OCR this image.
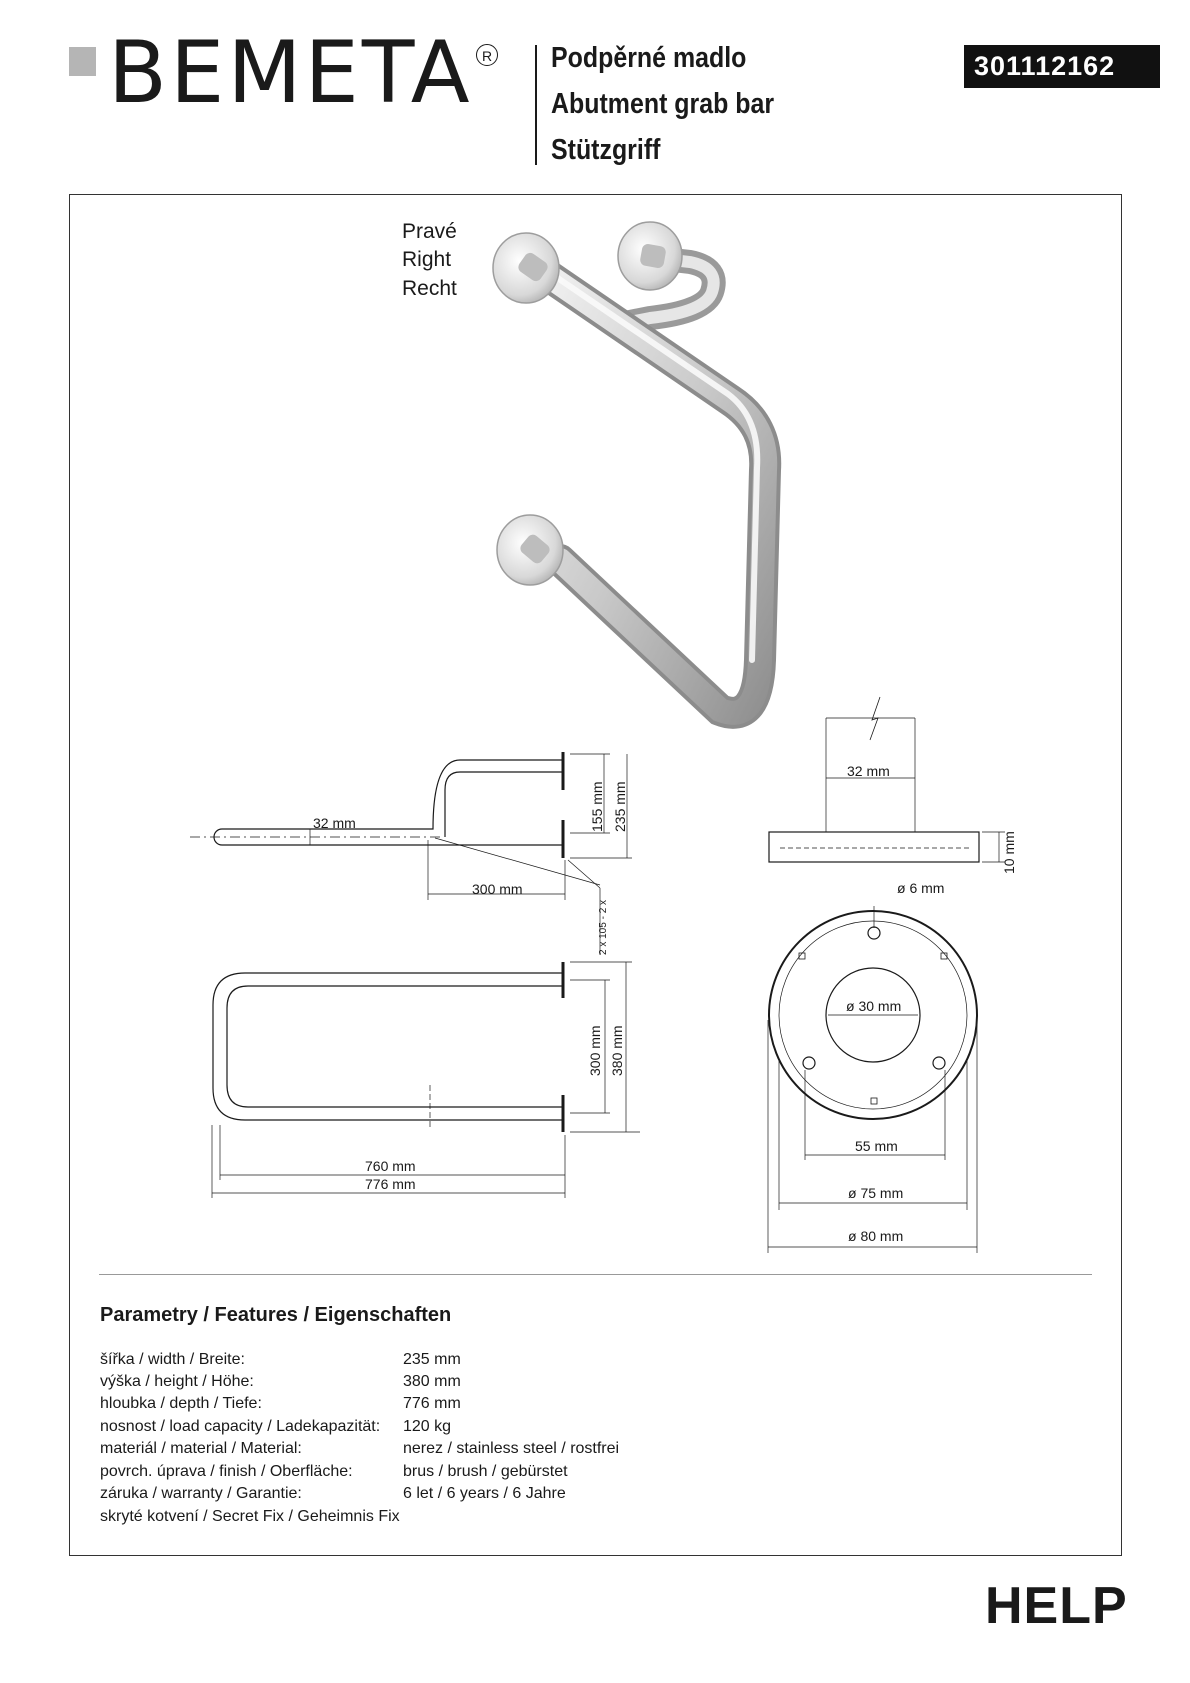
BEMETA R Podpěrné madlo
Abutment grab bar
Stützgriff
301112162
Pravé
Right
Recht
32 mm
300 mm
155 mm 235 mm
2 x 105 - 2 x
32 mm
10 mm
ø 6 mm
ø 30 mm
55 mm
ø 75 mm
ø 80 mm
300 mm 380 mm
760 mm
776 mm
Parametry / Features / Eigenschaften
šířka / width / Breite:	235 mm
výška / height / Höhe:	380 mm
hloubka / depth / Tiefe:	776 mm
nosnost / load capacity / Ladekapazität: 120 kg
materiál / material / Material:	nerez / stainless steel / rostfrei
povrch. úprava / finish / Oberfläche:	brus / brush / gebürstet
záruka / warranty / Garantie:	6 let / 6 years / 6 Jahre
skryté kotvení / Secret Fix / Geheimnis Fix
HELP
